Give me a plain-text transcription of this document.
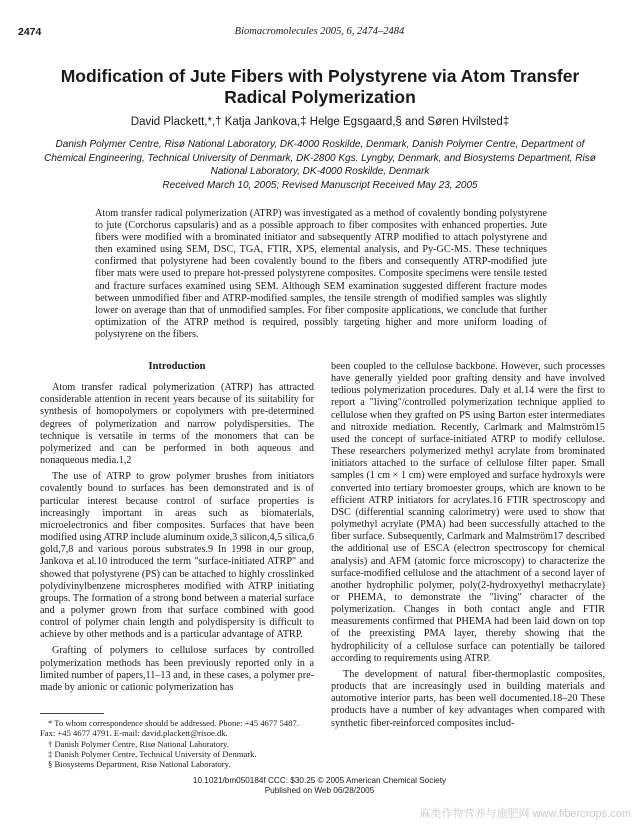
2474	Biomacromolecules 2005, 6, 2474–2484
Modification of Jute Fibers with Polystyrene via Atom Transfer Radical Polymerization
David Plackett,*,† Katja Jankova,‡ Helge Egsgaard,§ and Søren Hvilsted‡
Danish Polymer Centre, Risø National Laboratory, DK-4000 Roskilde, Denmark, Danish Polymer Centre, Department of Chemical Engineering, Technical University of Denmark, DK-2800 Kgs. Lyngby, Denmark, and Biosystems Department, Risø National Laboratory, DK-4000 Roskilde, Denmark
Received March 10, 2005; Revised Manuscript Received May 23, 2005
Atom transfer radical polymerization (ATRP) was investigated as a method of covalently bonding polystyrene to jute (Corchorus capsularis) and as a possible approach to fiber composites with enhanced properties. Jute fibers were modified with a brominated initiator and subsequently ATRP modified to attach polystyrene and then examined using SEM, DSC, TGA, FTIR, XPS, elemental analysis, and Py-GC-MS. These techniques confirmed that polystyrene had been covalently bound to the fibers and consequently ATRP-modified jute fiber mats were used to prepare hot-pressed polystyrene composites. Composite specimens were tensile tested and fracture surfaces examined using SEM. Although SEM examination suggested different fracture modes between unmodified fiber and ATRP-modified samples, the tensile strength of modified samples was slightly lower on average than that of unmodified samples. For fiber composite applications, we conclude that further optimization of the ATRP method is required, possibly targeting higher and more uniform loading of polystyrene on the fibers.

Introduction

Atom transfer radical polymerization (ATRP) has attracted considerable attention in recent years because of its suitability for synthesis of homopolymers or copolymers with pre-determined degrees of polymerization and narrow polydispersities. The technique is versatile in terms of the monomers that can be polymerized and can be performed in both aqueous and nonaqueous media.1,2

The use of ATRP to grow polymer brushes from initiators covalently bound to surfaces has been demonstrated and is of particular interest because control of surface properties is increasingly important in areas such as biomaterials, microelectronics and fiber composites. Surfaces that have been modified using ATRP include aluminum oxide,3 silicon,4,5 silica,6 gold,7,8 and various porous substrates.9 In 1998 in our group, Jankova et al.10 introduced the term "surface-initiated ATRP" and showed that polystyrene (PS) can be attached to highly crosslinked polydivinylbenzene microspheres modified with ATRP initiating groups. The formation of a strong bond between a material surface and a polymer grown from that surface combined with good control of polymer chain length and polydispersity is difficult to achieve by other methods and is a particular advantage of ATRP.

Grafting of polymers to cellulose surfaces by controlled polymerization methods has been previously reported only in a limited number of papers,11–13 and, in these cases, a polymer pre-made by anionic or cationic polymerization has

been coupled to the cellulose backbone. However, such processes have generally yielded poor grafting density and have involved tedious polymerization procedures. Daly et al.14 were the first to report a "living"/controlled polymerization technique applied to cellulose when they grafted on PS using Barton ester intermediates and nitroxide mediation. Recently, Carlmark and Malmström15 used the concept of surface-initiated ATRP to modify cellulose. These researchers polymerized methyl acrylate from brominated initiators attached to the surface of cellulose filter paper. Small samples (1 cm × 1 cm) were employed and surface hydroxyls were converted into tertiary bromoester groups, which are known to be efficient ATRP initiators for acrylates.16 FTIR spectroscopy and DSC (differential scanning calorimetry) were used to show that polymethyl acrylate (PMA) had been successfully attached to the fiber surface. Subsequently, Carlmark and Malmström17 described the additional use of ESCA (electron spectroscopy for chemical analysis) and AFM (atomic force microscopy) to characterize the surface-modified cellulose and the attachment of a second layer of another hydrophilic polymer, poly(2-hydroxyethyl methacrylate) or PHEMA, to demonstrate the "living" character of the polymerization. Changes in both contact angle and FTIR measurements confirmed that PHEMA had been laid down on top of the preexisting PMA layer, thereby showing that the hydrophilicity of a cellulose surface can potentially be tailored according to requirements using ATRP.

The development of natural fiber-thermoplastic composites, products that are increasingly used in building materials and automotive interior parts, has been well documented.18–20 These products have a number of key advantages when compared with synthetic fiber-reinforced composites includ-

* To whom correspondence should be addressed. Phone: +45 4677 5487. Fax: +45 4677 4791. E-mail: david.plackett@risoe.dk.
† Danish Polymer Centre, Risø National Laboratory.
‡ Danish Polymer Centre, Technical University of Denmark.
§ Biosystems Department, Risø National Laboratory.
10.1021/bm050184f CCC: $30.25 © 2005 American Chemical Society
Published on Web 06/28/2005
麻类作物营养与施肥网 www.fibercrops.com
